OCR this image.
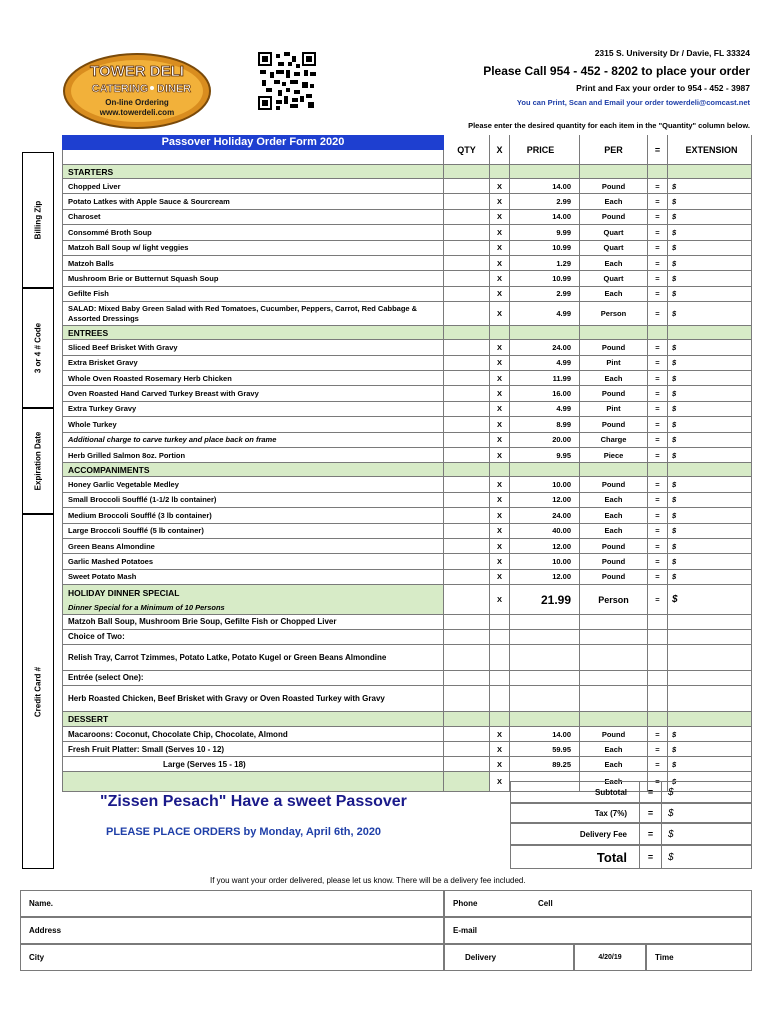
TOWER DELI
CATERING DINER
On-line Ordering
www.towerdeli.com
2315 S. University Dr / Davie, FL 33324
Please Call 954 - 452 - 8202 to place your order
Print and Fax your order to 954 - 452 - 3987
You can Print, Scan and Email your order towerdeli@comcast.net
Please enter the desired quantity for each item in the "Quantity" column below.
Billing Zip
3 or 4 # Code
Expiration Date
Credit Card #
QTY	X	PRICE	PER	=	EXTENSION
STARTERS
Chopped Liver	X	14.00	Pound	=	$
Potato Latkes with Apple Sauce & Sourcream	X	2.99	Each	=	$
Charoset	X	14.00	Pound	=	$
Consommé Broth Soup	X	9.99	Quart	=	$
Matzoh Ball Soup w/ light veggies	X	10.99	Quart	=	$
Matzoh Balls	X	1.29	Each	=	$
Mushroom Brie or Butternut Squash Soup	X	10.99	Quart	=	$
Gefilte Fish	X	2.99	Each	=	$
SALAD: Mixed Baby Green Salad with Red Tomatoes, Cucumber, Peppers, Carrot, Red Cabbage & Assorted Dressings	X	4.99	Person	=	$
ENTREES
Sliced Beef Brisket With Gravy	X	24.00	Pound	=	$
Extra Brisket Gravy	X	4.99	Pint	=	$
Whole Oven Roasted Rosemary Herb Chicken	X	11.99	Each	=	$
Oven Roasted Hand Carved Turkey Breast with Gravy	X	16.00	Pound	=	$
Extra Turkey Gravy	X	4.99	Pint	=	$
Whole Turkey	X	8.99	Pound	=	$
Additional charge to carve turkey and place back on frame	X	20.00	Charge	=	$
Herb Grilled Salmon 8oz. Portion	X	9.95	Piece	=	$
ACCOMPANIMENTS
Honey Garlic Vegetable Medley	X	10.00	Pound	=	$
Small Broccoli Soufflé (1-1/2 lb container)	X	12.00	Each	=	$
Medium Broccoli Soufflé (3 lb container)	X	24.00	Each	=	$
Large Broccoli Soufflé (5 lb container)	X	40.00	Each	=	$
Green Beans Almondine	X	12.00	Pound	=	$
Garlic Mashed Potatoes	X	10.00	Pound	=	$
Sweet Potato Mash	X	12.00	Pound	=	$
HOLIDAY DINNER SPECIAL
Dinner Special for a Minimum of 10 Persons
X	21.99	Person	=	$
Matzoh Ball Soup, Mushroom Brie Soup, Gefilte Fish or Chopped Liver
Choice of Two:
Relish Tray, Carrot Tzimmes, Potato Latke, Potato Kugel or Green Beans Almondine
Entrée (select One):
Herb Roasted Chicken, Beef Brisket with Gravy or Oven Roasted Turkey with Gravy
DESSERT
Macaroons: Coconut, Chocolate Chip, Chocolate, Almond	X	14.00	Pound	=	$
Fresh Fruit Platter: Small (Serves 10 - 12)	X	59.95	Each	=	$
Large (Serves 15 - 18)	X	89.25	Each	=	$
X	Each	=	$
Passover Holiday Order Form 2020
"Zissen Pesach" Have a sweet Passover
PLEASE PLACE ORDERS by Monday, April 6th, 2020
Subtotal	=	$
Tax (7%)	=	$
Delivery Fee	=	$
Total	=	$
If you want your order delivered, please let us know. There will be a delivery fee included.
Name.	Phone	Cell
Address	E-mail
City	Delivery	4/20/19	Time
